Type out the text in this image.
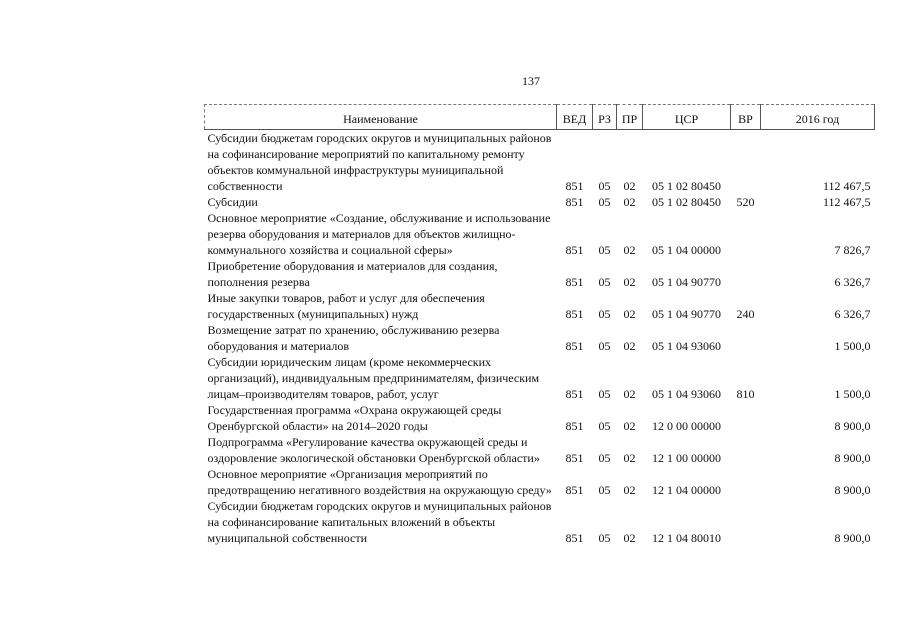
137
Наименование	ВЕД	РЗ	ПР	ЦСР	ВР	2016 год
Субсидии бюджетам городских округов и муниципальных районов на софинансирование мероприятий по капитальному ремонту объектов коммунальной инфраструктуры муниципальной собственности	851	05	02	05 1 02 80450		112 467,5
Субсидии	851	05	02	05 1 02 80450	520	112 467,5
Основное мероприятие «Создание, обслуживание и использование резерва оборудования и материалов для объектов жилищно-коммунального хозяйства и социальной сферы»	851	05	02	05 1 04 00000		7 826,7
Приобретение оборудования и материалов для создания, пополнения резерва	851	05	02	05 1 04 90770		6 326,7
Иные закупки товаров, работ и услуг для обеспечения государственных (муниципальных) нужд	851	05	02	05 1 04 90770	240	6 326,7
Возмещение затрат по хранению, обслуживанию резерва оборудования и материалов	851	05	02	05 1 04 93060		1 500,0
Субсидии юридическим лицам (кроме некоммерческих организаций), индивидуальным предпринимателям, физическим лицам–производителям товаров, работ, услуг	851	05	02	05 1 04 93060	810	1 500,0
Государственная программа «Охрана окружающей среды Оренбургской области» на 2014–2020 годы	851	05	02	12 0 00 00000		8 900,0
Подпрограмма «Регулирование качества окружающей среды и оздоровление экологической обстановки Оренбургской области»	851	05	02	12 1 00 00000		8 900,0
Основное мероприятие «Организация мероприятий по предотвращению негативного воздействия на окружающую среду»	851	05	02	12 1 04 00000		8 900,0
Субсидии бюджетам городских округов и муниципальных районов на софинансирование капитальных вложений в объекты муниципальной собственности	851	05	02	12 1 04 80010		8 900,0
